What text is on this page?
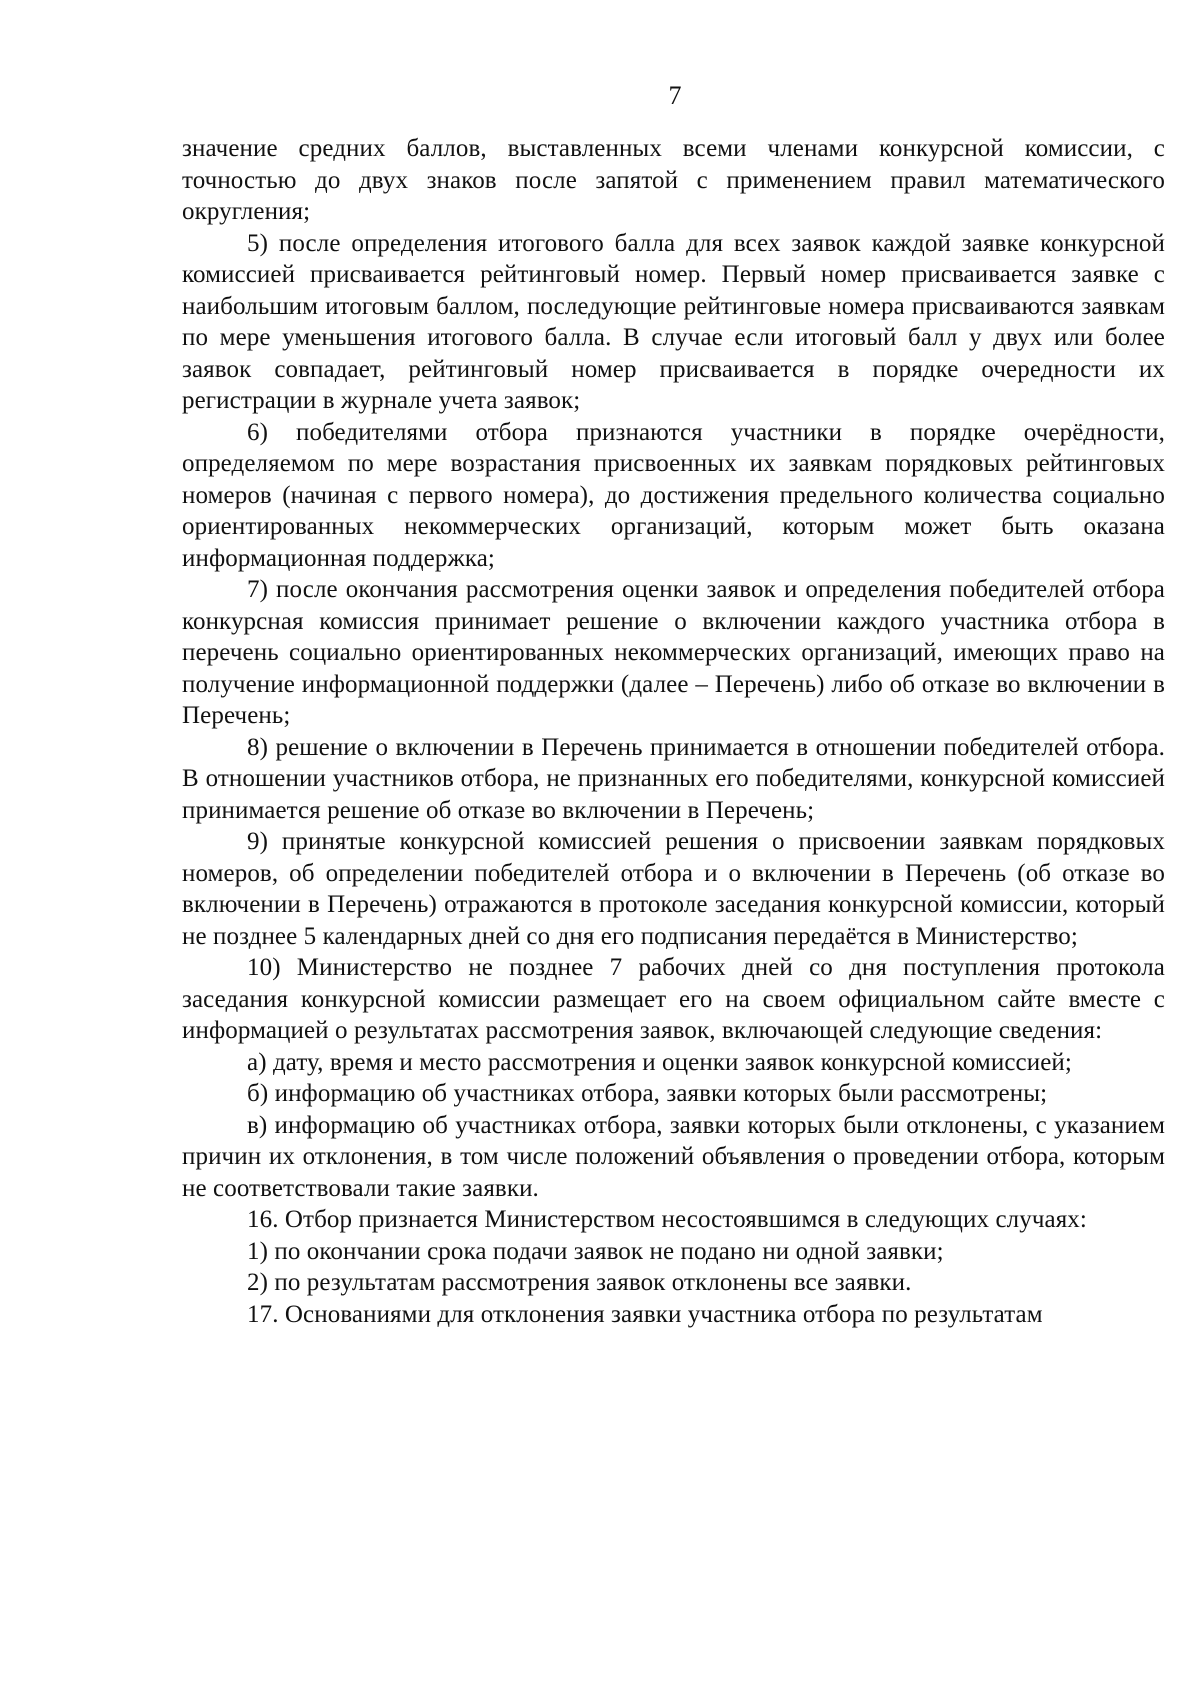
7

значение средних баллов, выставленных всеми членами конкурсной комиссии, с точностью до двух знаков после запятой с применением правил математического округления;

5) после определения итогового балла для всех заявок каждой заявке конкурсной комиссией присваивается рейтинговый номер. Первый номер присваивается заявке с наибольшим итоговым баллом, последующие рейтинговые номера присваиваются заявкам по мере уменьшения итогового балла. В случае если итоговый балл у двух или более заявок совпадает, рейтинговый номер присваивается в порядке очередности их регистрации в журнале учета заявок;

6) победителями отбора признаются участники в порядке очерёдности, определяемом по мере возрастания присвоенных их заявкам порядковых рейтинговых номеров (начиная с первого номера), до достижения предельного количества социально ориентированных некоммерческих организаций, которым может быть оказана информационная поддержка;

7) после окончания рассмотрения оценки заявок и определения победителей отбора конкурсная комиссия принимает решение о включении каждого участника отбора в перечень социально ориентированных некоммерческих организаций, имеющих право на получение информационной поддержки (далее – Перечень) либо об отказе во включении в Перечень;

8) решение о включении в Перечень принимается в отношении победителей отбора. В отношении участников отбора, не признанных его победителями, конкурсной комиссией принимается решение об отказе во включении в Перечень;

9) принятые конкурсной комиссией решения о присвоении заявкам порядковых номеров, об определении победителей отбора и о включении в Перечень (об отказе во включении в Перечень) отражаются в протоколе заседания конкурсной комиссии, который не позднее 5 календарных дней со дня его подписания передаётся в Министерство;

10) Министерство не позднее 7 рабочих дней со дня поступления протокола заседания конкурсной комиссии размещает его на своем официальном сайте вместе с информацией о результатах рассмотрения заявок, включающей следующие сведения:

а) дату, время и место рассмотрения и оценки заявок конкурсной комиссией;

б) информацию об участниках отбора, заявки которых были рассмотрены;

в) информацию об участниках отбора, заявки которых были отклонены, с указанием причин их отклонения, в том числе положений объявления о проведении отбора, которым не соответствовали такие заявки.

16. Отбор признается Министерством несостоявшимся в следующих случаях:

1) по окончании срока подачи заявок не подано ни одной заявки;

2) по результатам рассмотрения заявок отклонены все заявки.

17. Основаниями для отклонения заявки участника отбора по результатам
